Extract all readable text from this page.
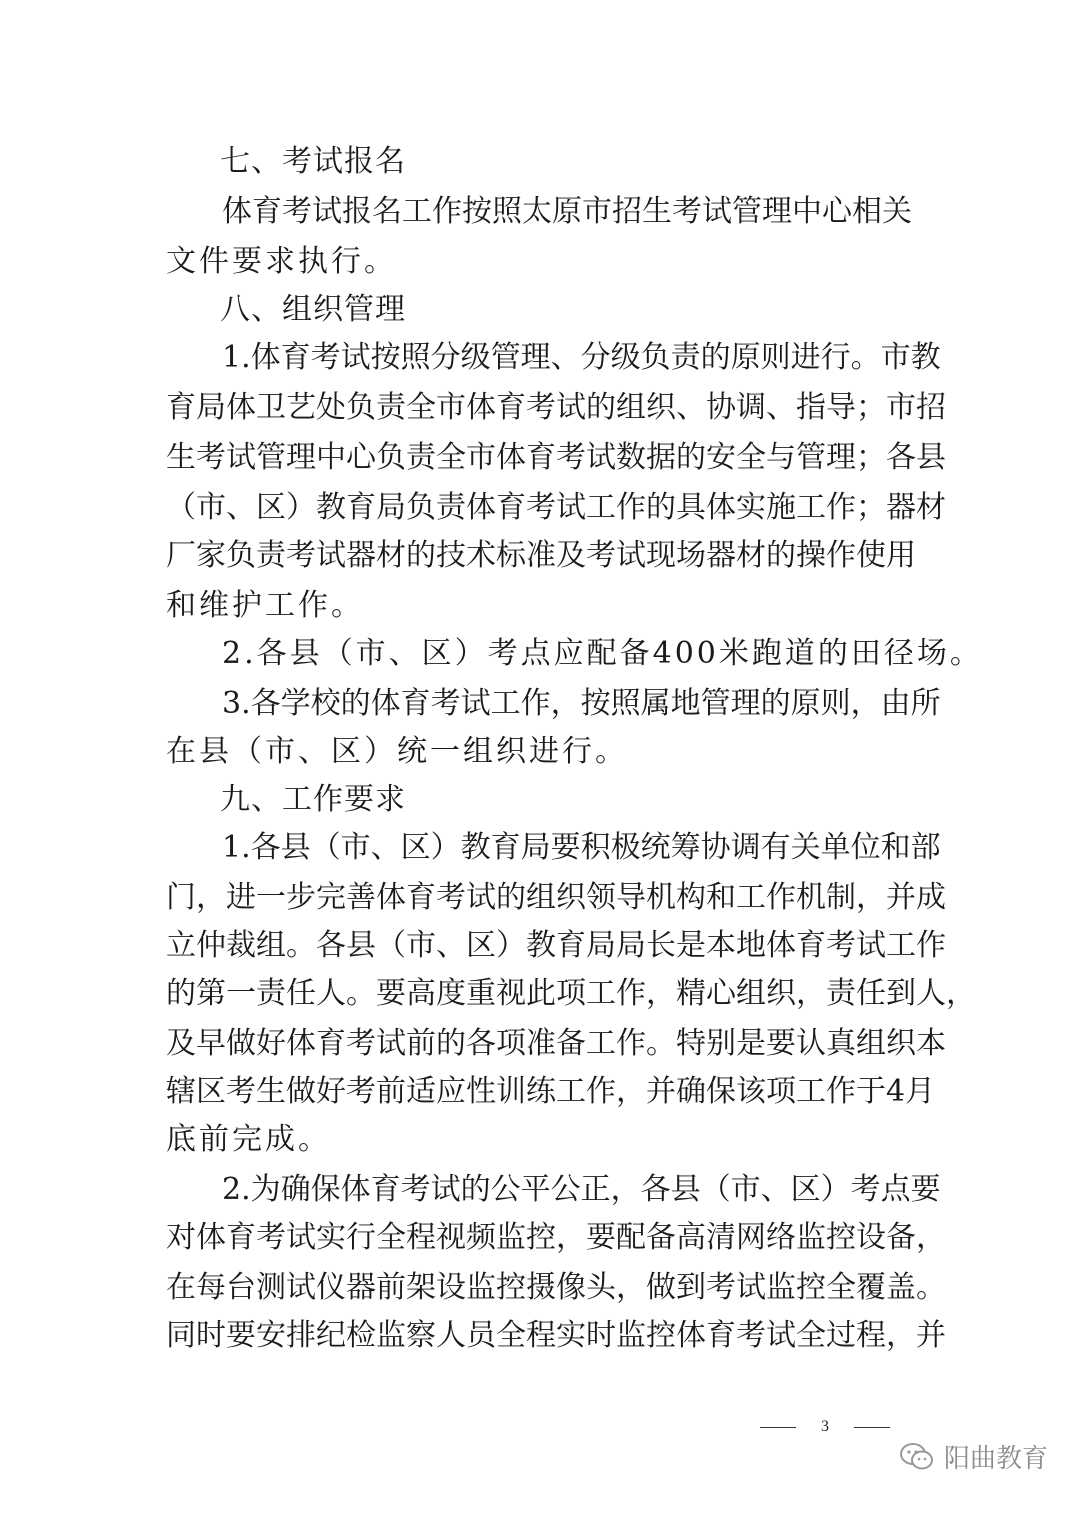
七、考试报名
体育考试报名工作按照太原市招生考试管理中心相关
文件要求执行。
八、组织管理
1.体育考试按照分级管理、分级负责的原则进行。市教
育局体卫艺处负责全市体育考试的组织、协调、指导；市招
生考试管理中心负责全市体育考试数据的安全与管理；各县
（市、区）教育局负责体育考试工作的具体实施工作；器材
厂家负责考试器材的技术标准及考试现场器材的操作使用
和维护工作。
2.各县（市、区）考点应配备400米跑道的田径场。
3.各学校的体育考试工作，按照属地管理的原则，由所
在县（市、区）统一组织进行。
九、工作要求
1.各县（市、区）教育局要积极统筹协调有关单位和部
门，进一步完善体育考试的组织领导机构和工作机制，并成
立仲裁组。各县（市、区）教育局局长是本地体育考试工作
的第一责任人。要高度重视此项工作，精心组织，责任到人，
及早做好体育考试前的各项准备工作。特别是要认真组织本
辖区考生做好考前适应性训练工作，并确保该项工作于4月
底前完成。
2.为确保体育考试的公平公正，各县（市、区）考点要
对体育考试实行全程视频监控，要配备高清网络监控设备，
在每台测试仪器前架设监控摄像头，做到考试监控全覆盖。
同时要安排纪检监察人员全程实时监控体育考试全过程，并
3
阳曲教育
